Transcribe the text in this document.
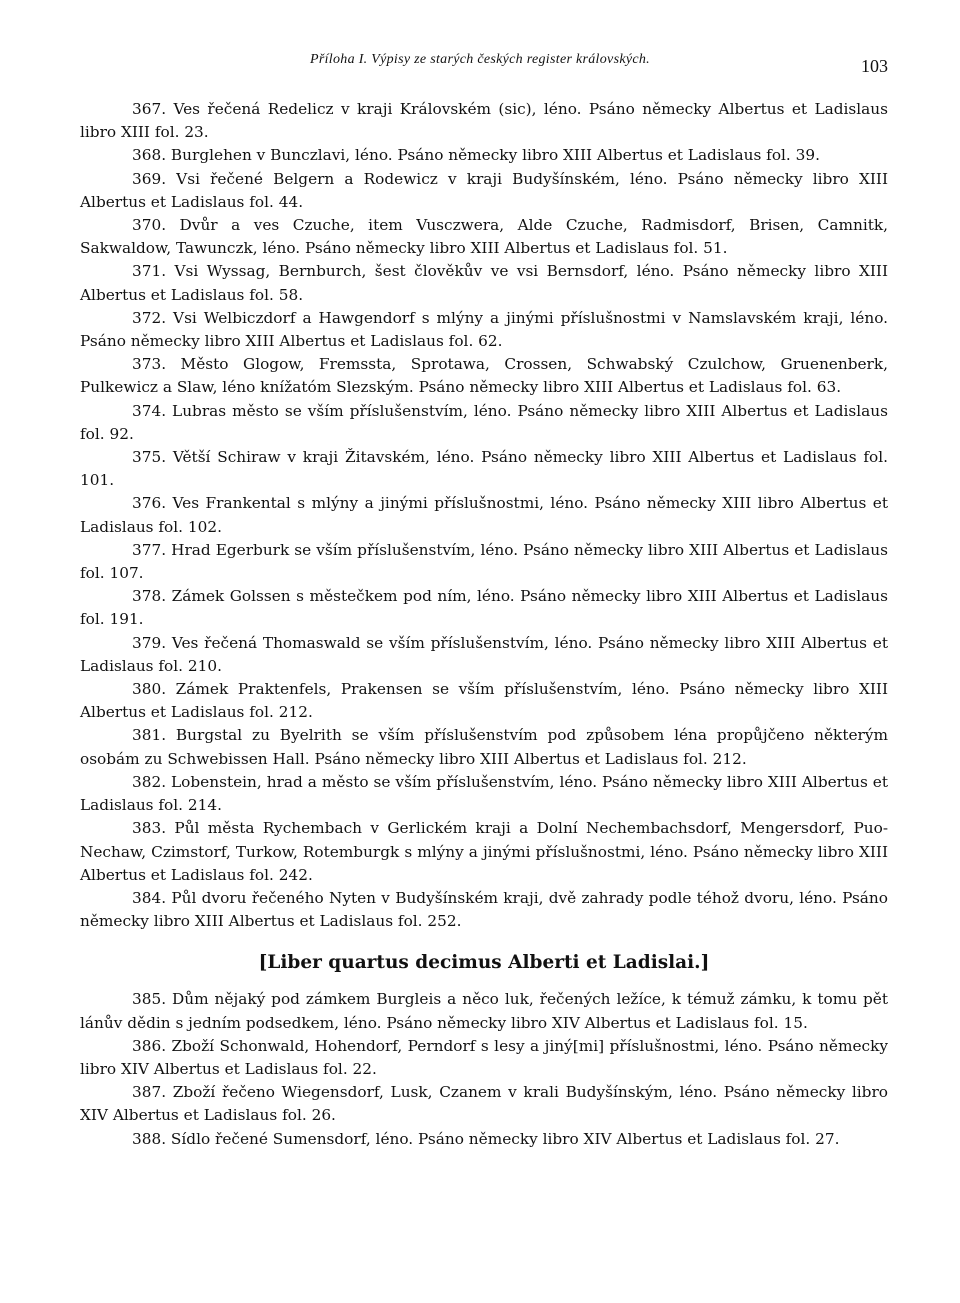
Příloha I. Výpisy ze starých českých register královských.	103

367. Ves řečená Redelicz v kraji Královském (sic), léno. Psáno německy Albertus et Ladislaus libro XIII fol. 23.

368. Burglehen v Bunczlavi, léno. Psáno německy libro XIII Albertus et Ladislaus fol. 39.

369. Vsi řečené Belgern a Rodewicz v kraji Budyšínském, léno. Psáno německy libro XIII Albertus et Ladislaus fol. 44.

370. Dvůr a ves Czuche, item Vusczwera, Alde Czuche, Radmisdorf, Brisen, Camnitk, Sakwaldow, Tawunczk, léno. Psáno německy libro XIII Albertus et Ladislaus fol. 51.

371. Vsi Wyssag, Bernburch, šest člověkův ve vsi Bernsdorf, léno. Psáno německy libro XIII Albertus et Ladislaus fol. 58.

372. Vsi Welbiczdorf a Hawgendorf s mlýny a jinými příslušnostmi v Namslavském kraji, léno. Psáno německy libro XIII Albertus et Ladislaus fol. 62.

373. Město Glogow, Fremssta, Sprotawa, Crossen, Schwabský Czulchow, Gruenenberk, Pulkewicz a Slaw, léno knížatóm Slezským. Psáno německy libro XIII Albertus et Ladislaus fol. 63.

374. Lubras město se vším příslušenstvím, léno. Psáno německy libro XIII Albertus et Ladislaus fol. 92.

375. Větší Schiraw v kraji Žitavském, léno. Psáno německy libro XIII Albertus et Ladislaus fol. 101.

376. Ves Frankental s mlýny a jinými příslušnostmi, léno. Psáno německy XIII libro Albertus et Ladislaus fol. 102.

377. Hrad Egerburk se vším příslušenstvím, léno. Psáno německy libro XIII Albertus et Ladislaus fol. 107.

378. Zámek Golssen s městečkem pod ním, léno. Psáno německy libro XIII Albertus et Ladislaus fol. 191.

379. Ves řečená Thomaswald se vším příslušenstvím, léno. Psáno německy libro XIII Albertus et Ladislaus fol. 210.

380. Zámek Praktenfels, Prakensen se vším příslušenstvím, léno. Psáno německy libro XIII Albertus et Ladislaus fol. 212.

381. Burgstal zu Byelrith se vším příslušenstvím pod způsobem léna propůjčeno některým osobám zu Schwebissen Hall. Psáno německy libro XIII Albertus et Ladislaus fol. 212.

382. Lobenstein, hrad a město se vším příslušenstvím, léno. Psáno německy libro XIII Albertus et Ladislaus fol. 214.

383. Půl města Rychembach v Gerlickém kraji a Dolní Nechembachsdorf, Mengersdorf, Puo-Nechaw, Czimstorf, Turkow, Rotemburgk s mlýny a jinými příslušnostmi, léno. Psáno německy libro XIII Albertus et Ladislaus fol. 242.

384. Půl dvoru řečeného Nyten v Budyšínském kraji, dvě zahrady podle téhož dvoru, léno. Psáno německy libro XIII Albertus et Ladislaus fol. 252.

[Liber quartus decimus Alberti et Ladislai.]

385. Dům nějaký pod zámkem Burgleis a něco luk, řečených ležíce, k témuž zámku, k tomu pět lánův dědin s jedním podsedkem, léno. Psáno německy libro XIV Albertus et Ladislaus fol. 15.

386. Zboží Schonwald, Hohendorf, Perndorf s lesy a jiný[mi] příslušnostmi, léno. Psáno německy libro XIV Albertus et Ladislaus fol. 22.

387. Zboží řečeno Wiegensdorf, Lusk, Czanem v krali Budyšínským, léno. Psáno německy libro XIV Albertus et Ladislaus fol. 26.

388. Sídlo řečené Sumensdorf, léno. Psáno německy libro XIV Albertus et Ladislaus fol. 27.
